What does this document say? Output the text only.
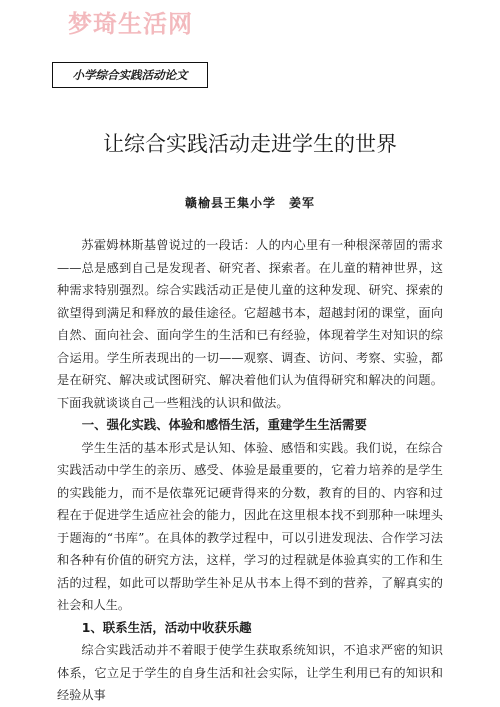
梦琦生活网
小学综合实践活动论文
让综合实践活动走进学生的世界
赣榆县王集小学　姜军

苏霍姆林斯基曾说过的一段话：人的内心里有一种根深蒂固的需求——总是感到自己是发现者、研究者、探索者。在儿童的精神世界，这种需求特别强烈。综合实践活动正是使儿童的这种发现、研究、探索的欲望得到满足和释放的最佳途径。它超越书本，超越封闭的课堂，面向自然、面向社会、面向学生的生活和已有经验，体现着学生对知识的综合运用。学生所表现出的一切——观察、调查、访问、考察、实验，都是在研究、解决或试图研究、解决着他们认为值得研究和解决的问题。下面我就谈谈自己一些粗浅的认识和做法。

一、强化实践、体验和感悟生活，重建学生生活需要

学生生活的基本形式是认知、体验、感悟和实践。我们说，在综合实践活动中学生的亲历、感受、体验是最重要的，它着力培养的是学生的实践能力，而不是依靠死记硬背得来的分数，教育的目的、内容和过程在于促进学生适应社会的能力，因此在这里根本找不到那种一味埋头于题海的“书库”。在具体的教学过程中，可以引进发现法、合作学习法和各种有价值的研究方法，这样，学习的过程就是体验真实的工作和生活的过程，如此可以帮助学生补足从书本上得不到的营养，了解真实的社会和人生。

1、联系生活，活动中收获乐趣

综合实践活动并不着眼于使学生获取系统知识，不追求严密的知识体系，它立足于学生的自身生活和社会实际，让学生利用已有的知识和经验从事
